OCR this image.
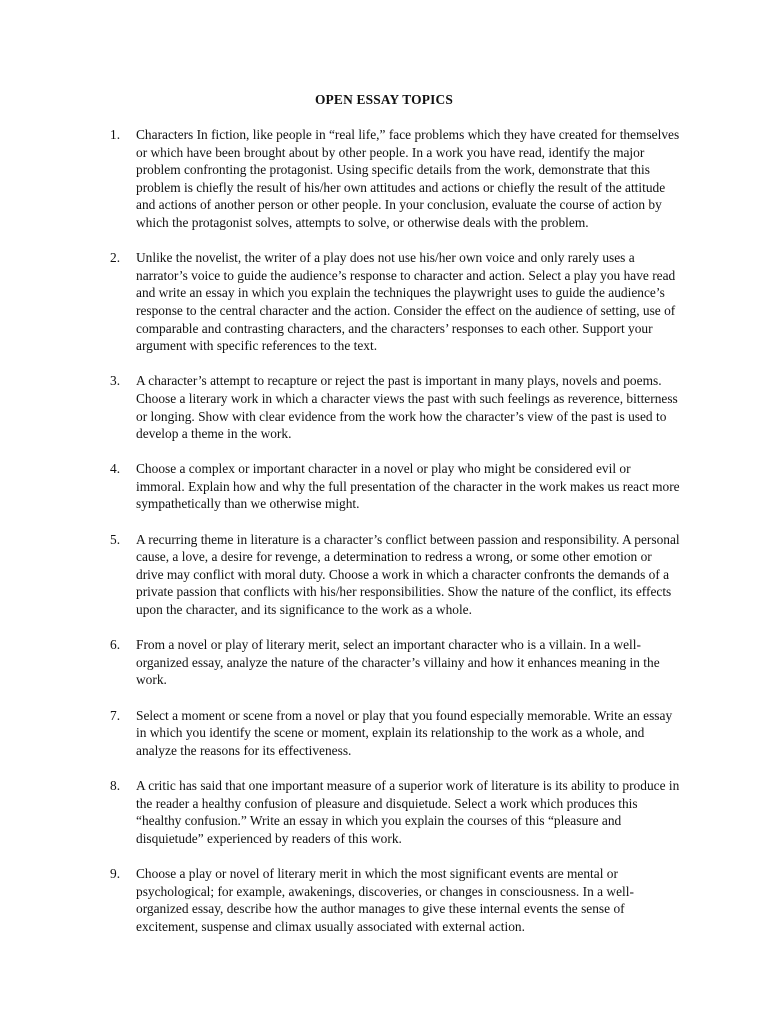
OPEN ESSAY TOPICS
1. Characters In fiction, like people in “real life,” face problems which they have created for themselves or which have been brought about by other people. In a work you have read, identify the major problem confronting the protagonist. Using specific details from the work, demonstrate that this problem is chiefly the result of his/her own attitudes and actions or chiefly the result of the attitude and actions of another person or other people. In your conclusion, evaluate the course of action by which the protagonist solves, attempts to solve, or otherwise deals with the problem.
2. Unlike the novelist, the writer of a play does not use his/her own voice and only rarely uses a narrator’s voice to guide the audience’s response to character and action. Select a play you have read and write an essay in which you explain the techniques the playwright uses to guide the audience’s response to the central character and the action. Consider the effect on the audience of setting, use of comparable and contrasting characters, and the characters’ responses to each other. Support your argument with specific references to the text.
3. A character’s attempt to recapture or reject the past is important in many plays, novels and poems. Choose a literary work in which a character views the past with such feelings as reverence, bitterness or longing. Show with clear evidence from the work how the character’s view of the past is used to develop a theme in the work.
4. Choose a complex or important character in a novel or play who might be considered evil or immoral. Explain how and why the full presentation of the character in the work makes us react more sympathetically than we otherwise might.
5. A recurring theme in literature is a character’s conflict between passion and responsibility. A personal cause, a love, a desire for revenge, a determination to redress a wrong, or some other emotion or drive may conflict with moral duty. Choose a work in which a character confronts the demands of a private passion that conflicts with his/her responsibilities. Show the nature of the conflict, its effects upon the character, and its significance to the work as a whole.
6. From a novel or play of literary merit, select an important character who is a villain. In a well-organized essay, analyze the nature of the character’s villainy and how it enhances meaning in the work.
7. Select a moment or scene from a novel or play that you found especially memorable. Write an essay in which you identify the scene or moment, explain its relationship to the work as a whole, and analyze the reasons for its effectiveness.
8. A critic has said that one important measure of a superior work of literature is its ability to produce in the reader a healthy confusion of pleasure and disquietude. Select a work which produces this “healthy confusion.” Write an essay in which you explain the courses of this “pleasure and disquietude” experienced by readers of this work.
9. Choose a play or novel of literary merit in which the most significant events are mental or psychological; for example, awakenings, discoveries, or changes in consciousness. In a well-organized essay, describe how the author manages to give these internal events the sense of excitement, suspense and climax usually associated with external action.
